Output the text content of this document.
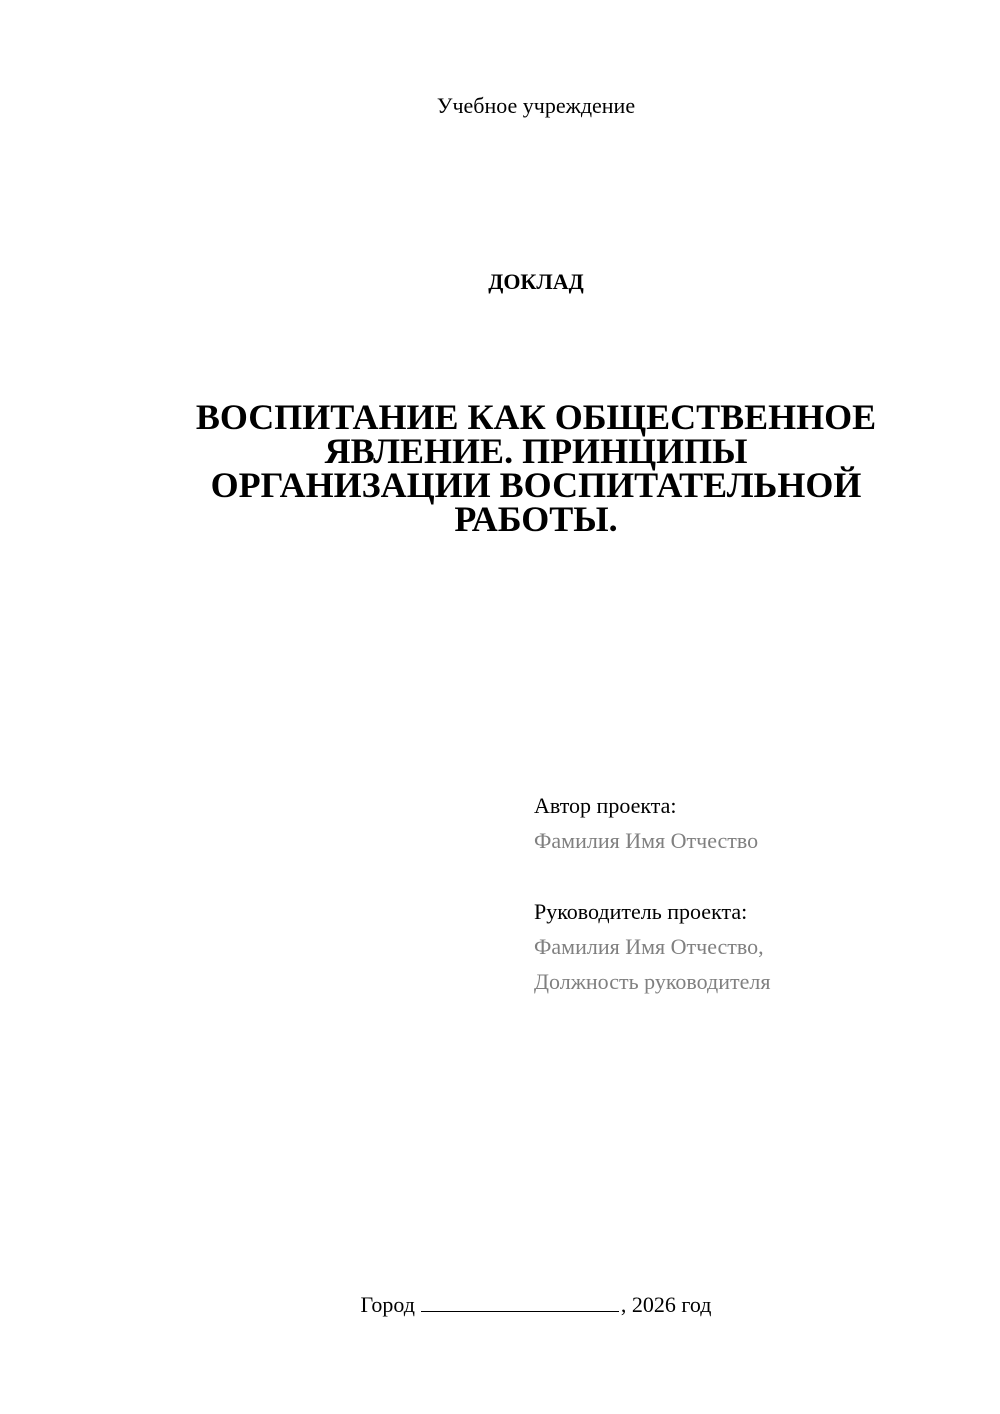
Учебное учреждение
ДОКЛАД
ВОСПИТАНИЕ КАК ОБЩЕСТВЕННОЕ
ЯВЛЕНИЕ. ПРИНЦИПЫ
ОРГАНИЗАЦИИ ВОСПИТАТЕЛЬНОЙ
РАБОТЫ.
Автор проекта:
Фамилия Имя Отчество
Руководитель проекта:
Фамилия Имя Отчество,
Должность руководителя
Город	, 2026 год
